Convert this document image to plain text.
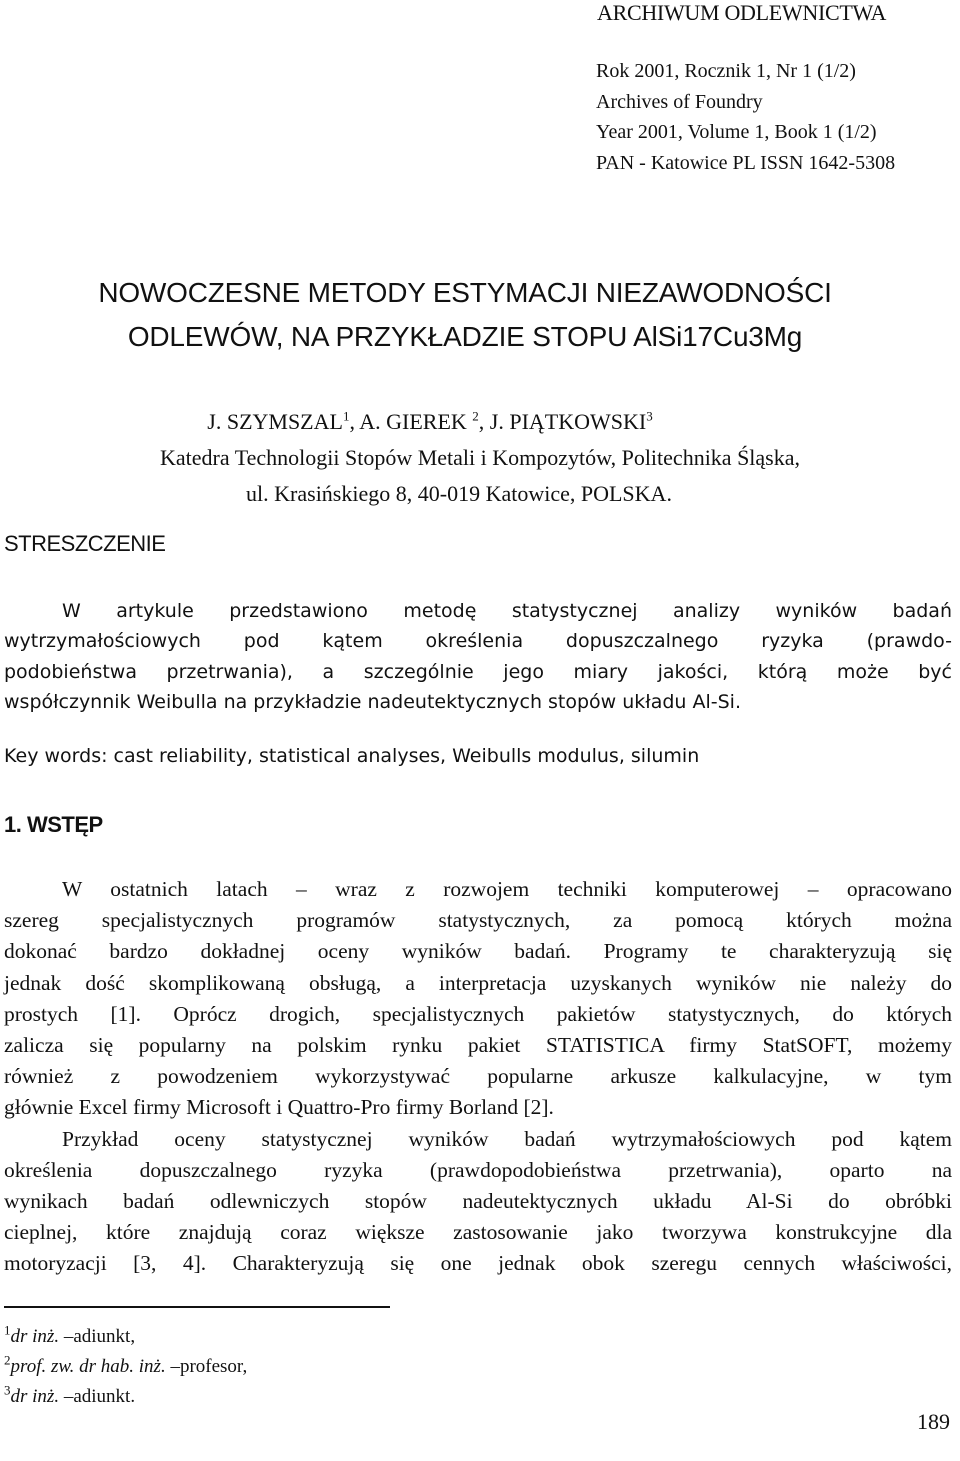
ARCHIWUM ODLEWNICTWA
Rok 2001, Rocznik 1, Nr 1 (1/2)
Archives of Foundry
Year 2001, Volume 1, Book 1 (1/2)
PAN - Katowice PL ISSN 1642-5308
NOWOCZESNE METODY ESTYMACJI NIEZAWODNOŚCI
ODLEWÓW, NA PRZYKŁADZIE STOPU AlSi17Cu3Mg
J. SZYMSZAL$^1$, A. GIEREK $^2$, J. PIĄTKOWSKI$^3$
Katedra Technologii Stopów Metali i Kompozytów, Politechnika Śląska,
ul. Krasińskiego 8, 40-019 Katowice, POLSKA.
STRESZCZENIE
W artykule przedstawiono metodę statystycznej analizy wyników badań
wytrzymałościowych pod kątem określenia dopuszczalnego ryzyka (prawdo-
podobieństwa przetrwania), a szczególnie jego miary jakości, którą może być
współczynnik Weibulla na przykładzie nadeutektycznych stopów układu Al-Si.
Key words: cast reliability, statistical analyses, Weibulls modulus, silumin
1. WSTĘP
W ostatnich latach – wraz z rozwojem techniki komputerowej – opracowano
szereg specjalistycznych programów statystycznych, za pomocą których można
dokonać bardzo dokładnej oceny wyników badań. Programy te charakteryzują się
jednak dość skomplikowaną obsługą, a interpretacja uzyskanych wyników nie należy do
prostych [1]. Oprócz drogich, specjalistycznych pakietów statystycznych, do których
zalicza się popularny na polskim rynku pakiet STATISTICA firmy StatSOFT, możemy
również z powodzeniem wykorzystywać popularne arkusze kalkulacyjne, w tym
głównie Excel firmy Microsoft i Quattro-Pro firmy Borland [2].
Przykład oceny statystycznej wyników badań wytrzymałościowych pod kątem
określenia dopuszczalnego ryzyka (prawdopodobieństwa przetrwania), oparto na
wynikach badań odlewniczych stopów nadeutektycznych układu Al-Si do obróbki
cieplnej, które znajdują coraz większe zastosowanie jako tworzywa konstrukcyjne dla
motoryzacji [3, 4]. Charakteryzują się one jednak obok szeregu cennych właściwości,
$^1$dr inż. –adiunkt,
$^2$prof. zw. dr hab. inż. –profesor,
$^3$dr inż. –adiunkt.
189
